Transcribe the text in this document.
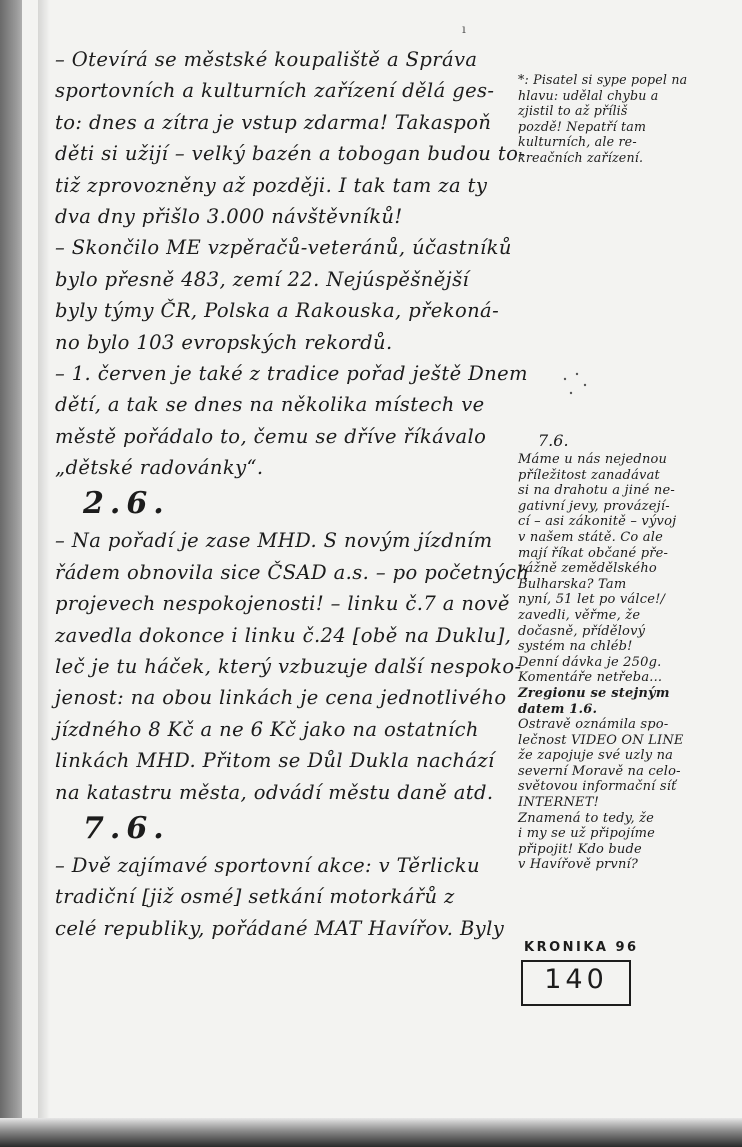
ı
– Otevírá se městské koupaliště a Správa
sportovních a kulturních zařízení dělá ges-
to: dnes a zítra je vstup zdarma! Takaspoň
děti si užijí – velký bazén a tobogan budou to-
tiž zprovozněny až později. I tak tam za ty
dva dny přišlo 3.000 návštěvníků!
– Skončilo ME vzpěračů-veteránů, účastníků
bylo přesně 483, zemí 22. Nejúspěšnější
byly týmy ČR, Polska a Rakouska, překoná-
no bylo 103 evropských rekordů.
– 1. červen je také z tradice pořad ještě Dnem
dětí, a tak se dnes na několika místech ve
městě pořádalo to, čemu se dříve říkávalo
„dětské radovánky“.
2.6.
– Na pořadí je zase MHD. S novým jízdním
řádem obnovila sice ČSAD a.s. – po početných
projevech nespokojenosti! – linku č.7 a nově
zavedla dokonce i linku č.24 [obě na Duklu],
leč je tu háček, který vzbuzuje další nespoko-
jenost: na obou linkách je cena jednotlivého
jízdného 8 Kč a ne 6 Kč jako na ostatních
linkách MHD. Přitom se Důl Dukla nachází
na katastru města, odvádí městu daně atd.
7.6.
– Dvě zajímavé sportovní akce: v Těrlicku
tradiční [již osmé] setkání motorkářů z
celé republiky, pořádané MAT Havířov. Byly
*: Pisatel si sype popel na
hlavu: udělal chybu a
zjistil to až příliš
pozdě! Nepatří tam
kulturních, ale re-
kreačních zařízení.
7.6.
Máme u nás nejednou
příležitost zanadávat
si na drahotu a jiné ne-
gativní jevy, provázejí-
cí – asi zákonitě – vývoj
v našem státě. Co ale
mají říkat občané pře-
vážně zemědělského
Bulharska? Tam
nyní, 51 let po válce!/
zavedli, věřme, že
dočasně, přídělový
systém na chléb!
Denní dávka je 250g.
Komentáře netřeba...
Zregionu se stejným
datem 1.6.
Ostravě oznámila spo-
lečnost VIDEO ON LINE
že zapojuje své uzly na
severní Moravě na celo-
světovou informační síť
INTERNET!
Znamená to tedy, že
i my se už připojíme
připojit! Kdo bude
v Havířově první?
KRONIKA 96
140
